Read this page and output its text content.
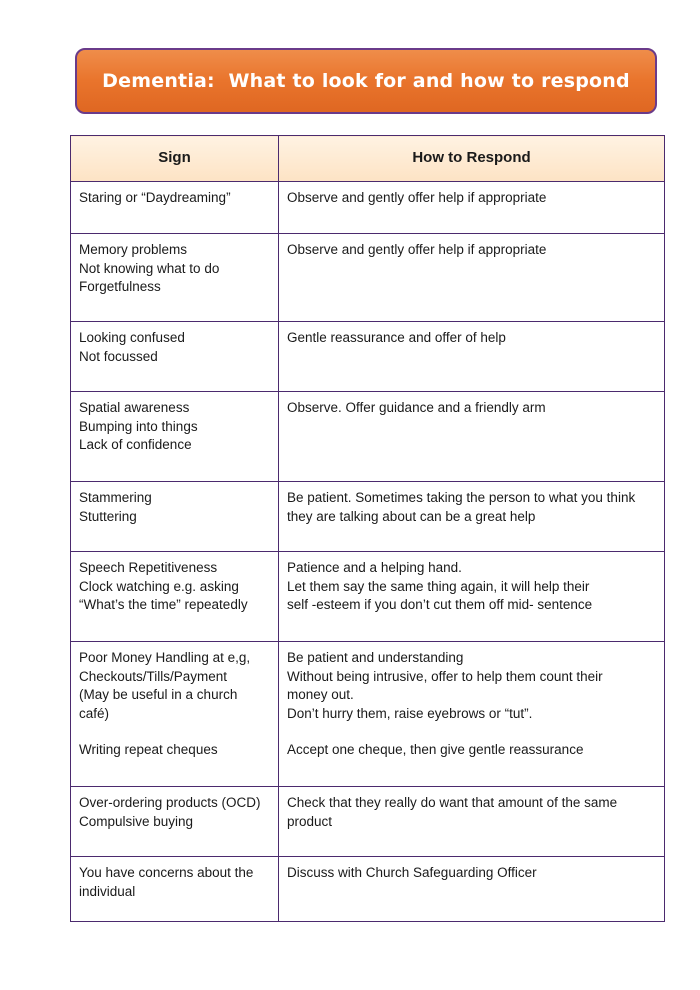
Dementia:  What to look for and how to respond
Sign	How to Respond

Staring or “Daydreaming”	Observe and gently offer help if appropriate

Memory problems
Not knowing what to do
Forgetfulness	Observe and gently offer help if appropriate

Looking confused
Not focussed	Gentle reassurance and offer of help

Spatial awareness
Bumping into things
Lack of confidence	Observe. Offer guidance and a friendly arm

Stammering
Stuttering	Be patient. Sometimes taking the person to what you think
they are talking about can be a great help

Speech Repetitiveness
Clock watching e.g. asking
“What’s the time” repeatedly	Patience and a helping hand.
Let them say the same thing again, it will help their
self -esteem if you don’t cut them off mid- sentence

Poor Money Handling at e,g,
Checkouts/Tills/Payment
(May be useful in a church
café)
Writing repeat cheques	Be patient and understanding
Without being intrusive, offer to help them count their
money out.
Don’t hurry them, raise eyebrows or “tut”.
Accept one cheque, then give gentle reassurance

Over-ordering products (OCD)
Compulsive buying	Check that they really do want that amount of the same
product

You have concerns about the
individual	Discuss with Church Safeguarding Officer
